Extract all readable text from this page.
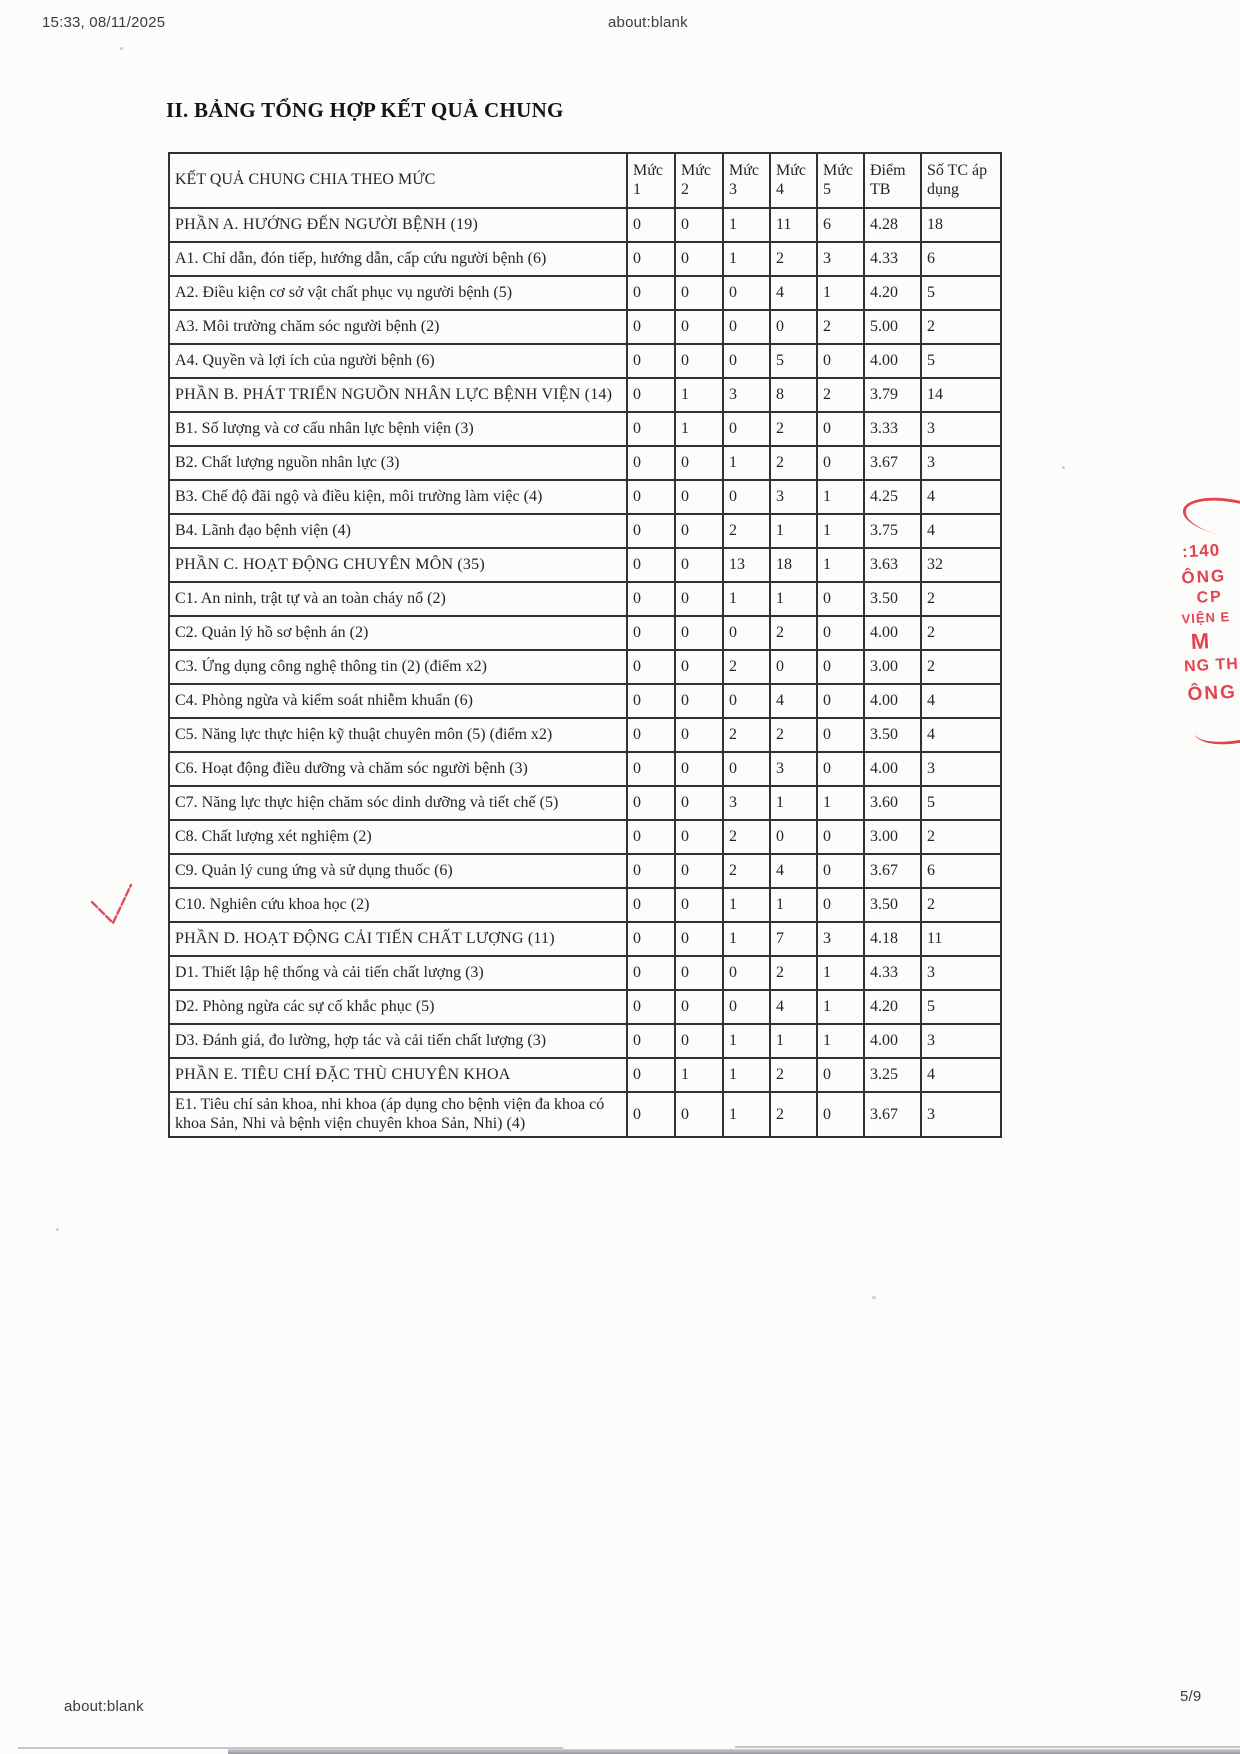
15:33, 08/11/2025	about:blank
II. BẢNG TỔNG HỢP KẾT QUẢ CHUNG
KẾT QUẢ CHUNG CHIA THEO MỨC	Mức 1	Mức 2	Mức 3	Mức 4	Mức 5	Điểm TB	Số TC áp dụng
PHẦN A. HƯỚNG ĐẾN NGƯỜI BỆNH (19)	0	0	1	11	6	4.28	18
A1. Chỉ dẫn, đón tiếp, hướng dẫn, cấp cứu người bệnh (6)	0	0	1	2	3	4.33	6
A2. Điều kiện cơ sở vật chất phục vụ người bệnh (5)	0	0	0	4	1	4.20	5
A3. Môi trường chăm sóc người bệnh (2)	0	0	0	0	2	5.00	2
A4. Quyền và lợi ích của người bệnh (6)	0	0	0	5	0	4.00	5
PHẦN B. PHÁT TRIỂN NGUỒN NHÂN LỰC BỆNH VIỆN (14)	0	1	3	8	2	3.79	14
B1. Số lượng và cơ cấu nhân lực bệnh viện (3)	0	1	0	2	0	3.33	3
B2. Chất lượng nguồn nhân lực (3)	0	0	1	2	0	3.67	3
B3. Chế độ đãi ngộ và điều kiện, môi trường làm việc (4)	0	0	0	3	1	4.25	4
B4. Lãnh đạo bệnh viện (4)	0	0	2	1	1	3.75	4
PHẦN C. HOẠT ĐỘNG CHUYÊN MÔN (35)	0	0	13	18	1	3.63	32
C1. An ninh, trật tự và an toàn cháy nổ (2)	0	0	1	1	0	3.50	2
C2. Quản lý hồ sơ bệnh án (2)	0	0	0	2	0	4.00	2
C3. Ứng dụng công nghệ thông tin (2) (điểm x2)	0	0	2	0	0	3.00	2
C4. Phòng ngừa và kiểm soát nhiễm khuẩn (6)	0	0	0	4	0	4.00	4
C5. Năng lực thực hiện kỹ thuật chuyên môn (5) (điểm x2)	0	0	2	2	0	3.50	4
C6. Hoạt động điều dưỡng và chăm sóc người bệnh (3)	0	0	0	3	0	4.00	3
C7. Năng lực thực hiện chăm sóc dinh dưỡng và tiết chế (5)	0	0	3	1	1	3.60	5
C8. Chất lượng xét nghiệm (2)	0	0	2	0	0	3.00	2
C9. Quản lý cung ứng và sử dụng thuốc (6)	0	0	2	4	0	3.67	6
C10. Nghiên cứu khoa học (2)	0	0	1	1	0	3.50	2
PHẦN D. HOẠT ĐỘNG CẢI TIẾN CHẤT LƯỢNG (11)	0	0	1	7	3	4.18	11
D1. Thiết lập hệ thống và cải tiến chất lượng (3)	0	0	0	2	1	4.33	3
D2. Phòng ngừa các sự cố khắc phục (5)	0	0	0	4	1	4.20	5
D3. Đánh giá, đo lường, hợp tác và cải tiến chất lượng (3)	0	0	1	1	1	4.00	3
PHẦN E. TIÊU CHÍ ĐẶC THÙ CHUYÊN KHOA	0	1	1	2	0	3.25	4
E1. Tiêu chí sản khoa, nhi khoa (áp dụng cho bệnh viện đa khoa có khoa Sản, Nhi và bệnh viện chuyên khoa Sản, Nhi) (4)	0	0	1	2	0	3.67	3
:140
ÔNG
CP
VIỆN E
M
NG TH
ÔNG
about:blank
5/9
